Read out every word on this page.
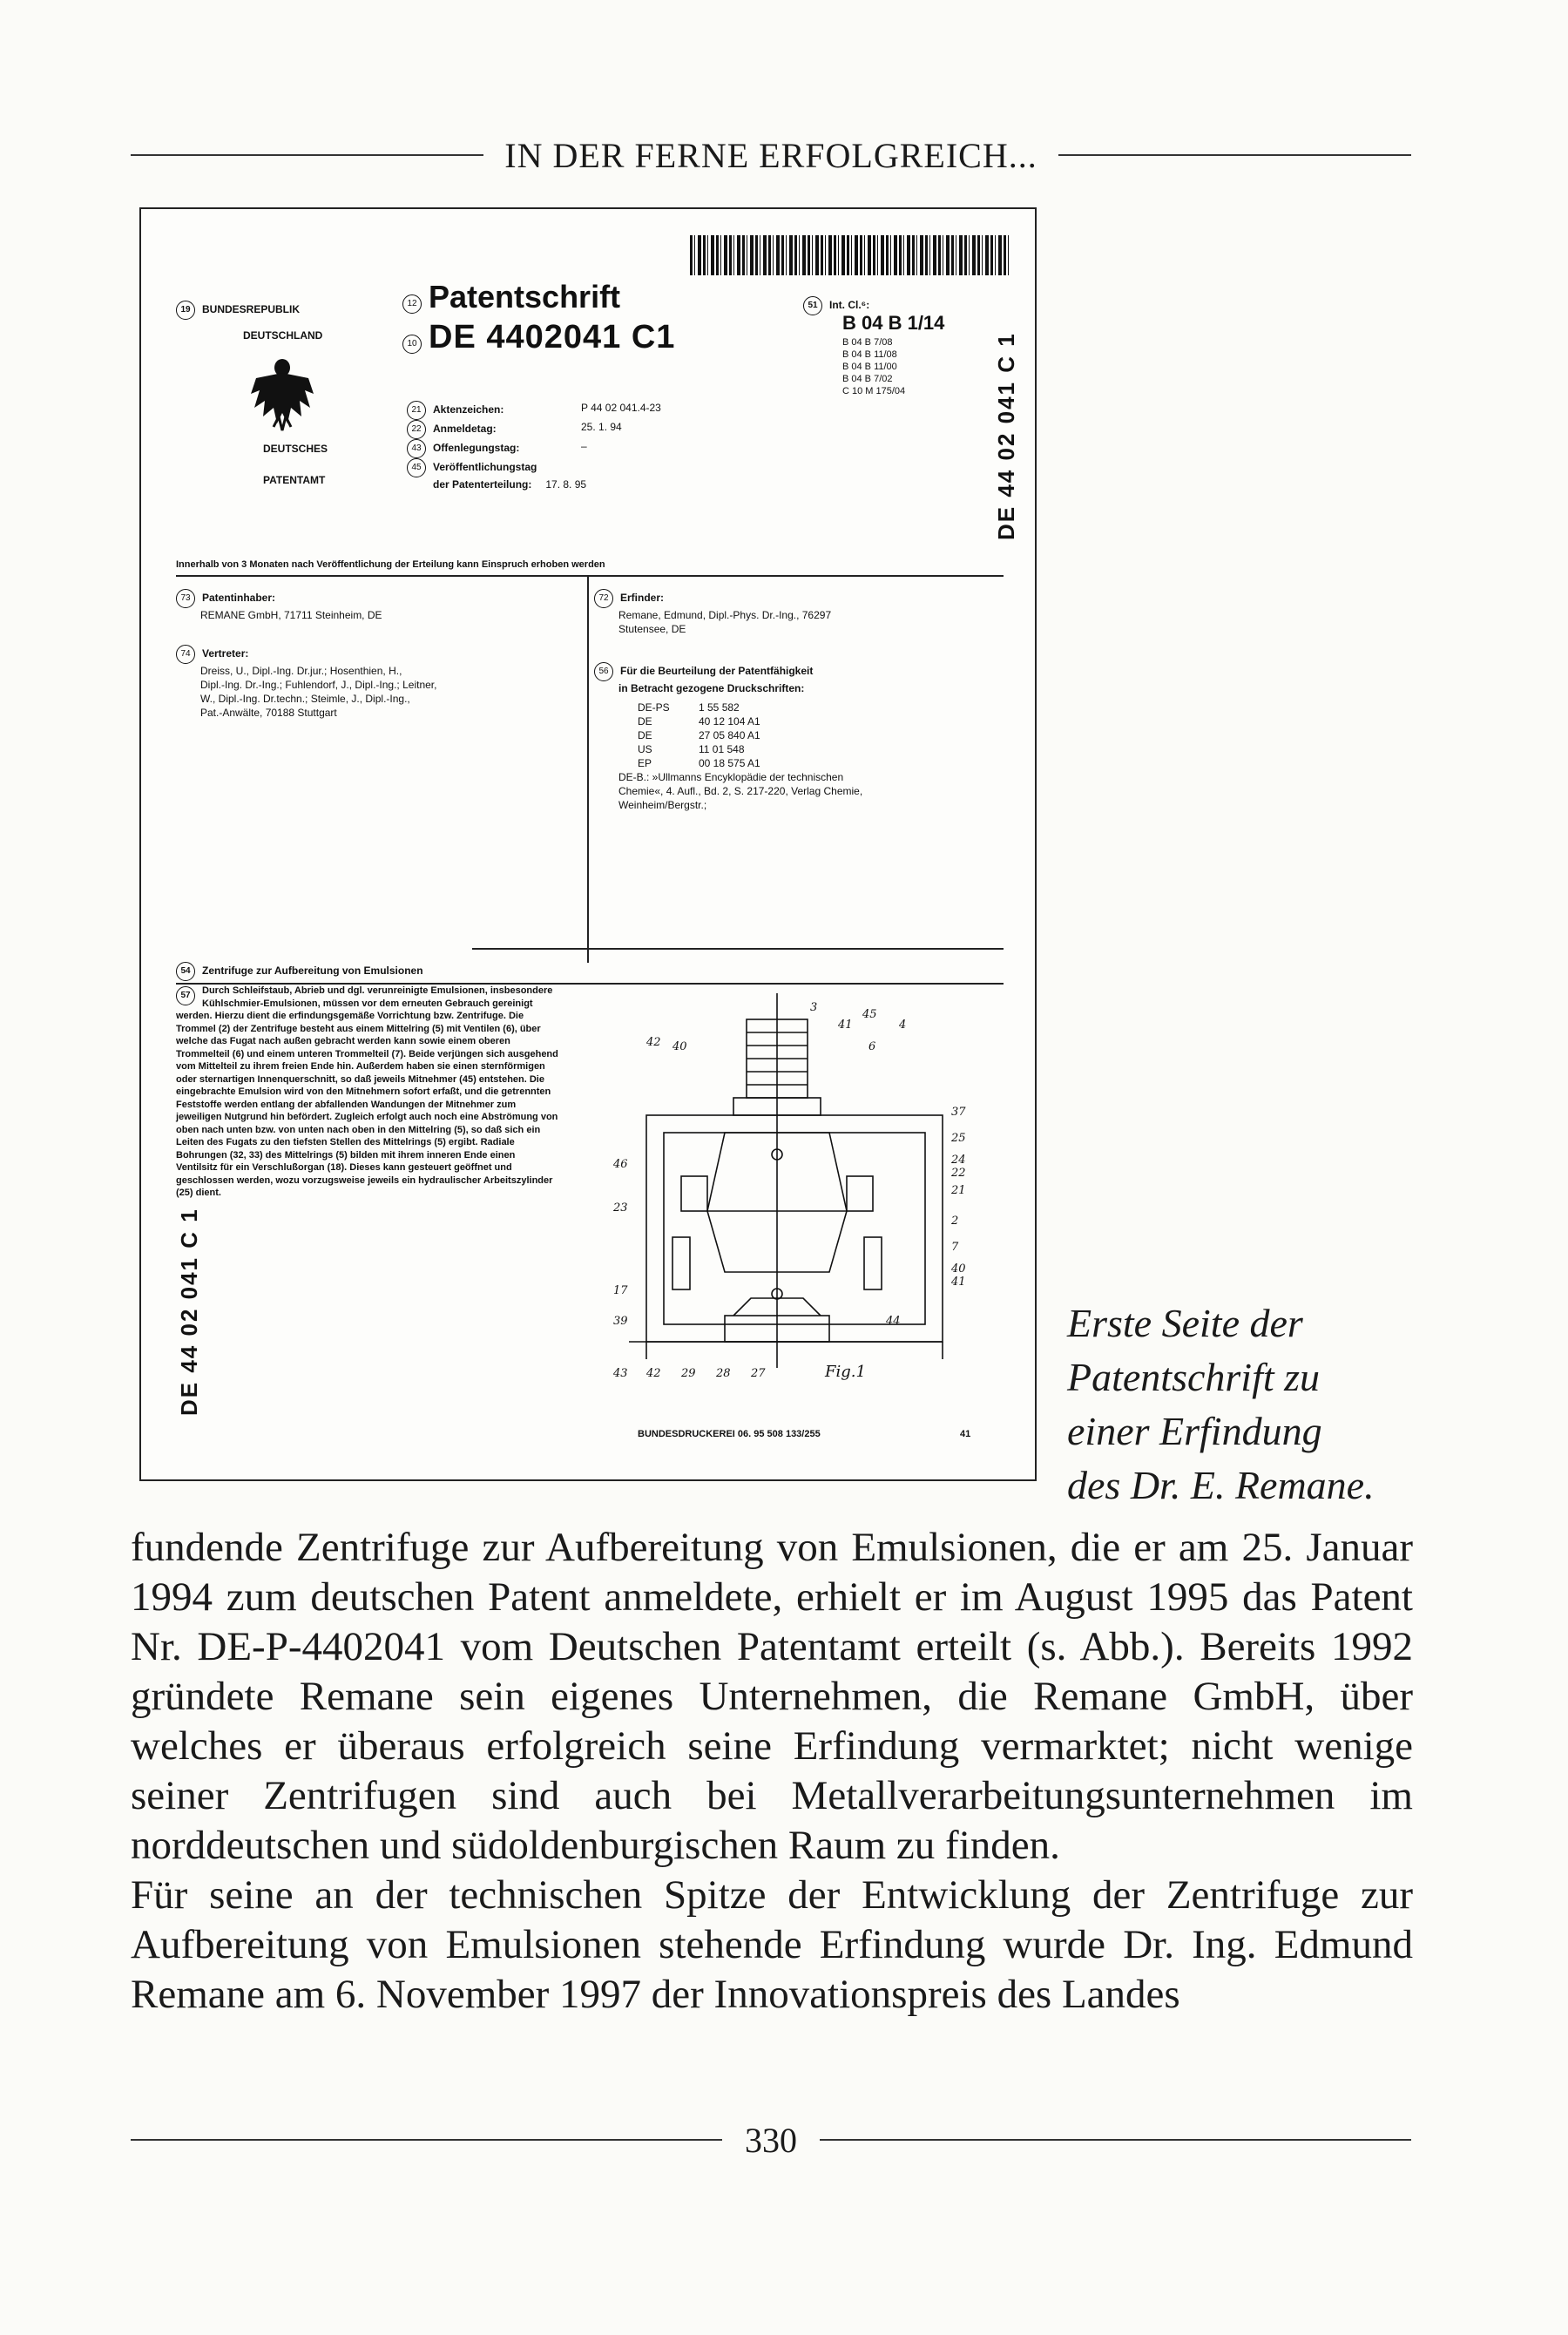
IN DER FERNE ERFOLGREICH...
19 BUNDESREPUBLIK
DEUTSCHLAND
DEUTSCHES
PATENTAMT
12 Patentschrift
10 DE 4402041 C1
51 Int. Cl.⁶:
B 04 B 1/14
B 04 B 7/08
B 04 B 11/08
B 04 B 11/00
B 04 B 7/02
C 10 M 175/04	DE 44 02 041 C 1
21 Aktenzeichen:	P 44 02 041.4-23
22 Anmeldetag:	25. 1. 94
43 Offenlegungstag:	–
45 Veröffentlichungstag
der Patenterteilung: 17. 8. 95
Innerhalb von 3 Monaten nach Veröffentlichung der Erteilung kann Einspruch erhoben werden
73 Patentinhaber:
REMANE GmbH, 71711 Steinheim, DE
74 Vertreter:
Dreiss, U., Dipl.-Ing. Dr.jur.; Hosenthien, H.,
Dipl.-Ing. Dr.-Ing.; Fuhlendorf, J., Dipl.-Ing.; Leitner,
W., Dipl.-Ing. Dr.techn.; Steimle, J., Dipl.-Ing.,
Pat.-Anwälte, 70188 Stuttgart
72 Erfinder:
Remane, Edmund, Dipl.-Phys. Dr.-Ing., 76297
Stutensee, DE
56 Für die Beurteilung der Patentfähigkeit
in Betracht gezogene Druckschriften:
DE-PS	1 55 582
DE	40 12 104 A1
DE	27 05 840 A1
US	11 01 548
EP	00 18 575 A1
DE-B.: »Ullmanns Encyklopädie der technischen
Chemie«, 4. Aufl., Bd. 2, S. 217-220, Verlag Chemie,
Weinheim/Bergstr.;
54 Zentrifuge zur Aufbereitung von Emulsionen
57	Durch Schleifstaub, Abrieb und dgl. verunreinigte Emulsionen, insbesondere Kühlschmier-Emulsionen, müssen vor dem erneuten Gebrauch gereinigt werden. Hierzu dient die erfindungsgemäße Vorrichtung bzw. Zentrifuge. Die Trommel (2) der Zentrifuge besteht aus einem Mittelring (5) mit Ventilen (6), über welche das Fugat nach außen gebracht werden kann sowie einem oberen Trommelteil (6) und einem unteren Trommelteil (7). Beide verjüngen sich ausgehend vom Mittelteil zu ihrem freien Ende hin. Außerdem haben sie einen sternförmigen oder sternartigen Innenquerschnitt, so daß jeweils Mitnehmer (45) entstehen. Die eingebrachte Emulsion wird von den Mitnehmern sofort erfaßt, und die getrennten Feststoffe werden entlang der abfallenden Wandungen der Mitnehmer zum jeweiligen Nutgrund hin befördert. Zugleich erfolgt auch noch eine Abströmung von oben nach unten bzw. von unten nach oben in den Mittelring (5), so daß sich ein Leiten des Fugats zu den tiefsten Stellen des Mittelrings (5) ergibt. Radiale Bohrungen (32, 33) des Mittelrings (5) bilden mit ihrem inneren Ende einen Ventilsitz für ein Verschlußorgan (18). Dieses kann gesteuert geöffnet und geschlossen werden, wozu vorzugsweise jeweils ein hydraulischer Arbeitszylinder (25) dient.
DE 44 02 041 C 1
3
41
45
4
6
42 40
37
25
24
22
21
46
23
2
7
40
41
17
39	44
43 42 29 28 27	Fig.1
BUNDESDRUCKEREI 06. 95 508 133/255	41
Erste Seite der
Patentschrift zu
einer Erfindung
des Dr. E. Remane.

fundende Zentrifuge zur Aufbereitung von Emulsionen, die er am 25. Januar 1994 zum deutschen Patent anmeldete, erhielt er im August 1995 das Patent Nr. DE-P-4402041 vom Deutschen Patentamt erteilt (s. Abb.). Bereits 1992 gründete Remane sein eigenes Unternehmen, die Remane GmbH, über welches er überaus erfolgreich seine Erfindung vermarktet; nicht wenige seiner Zentrifugen sind auch bei Metallverarbeitungsunternehmen im norddeutschen und südoldenburgischen Raum zu finden.

Für seine an der technischen Spitze der Entwicklung der Zentrifuge zur Aufbereitung von Emulsionen stehende Erfindung wurde Dr. Ing. Edmund Remane am 6. November 1997 der Innovationspreis des Landes

330
